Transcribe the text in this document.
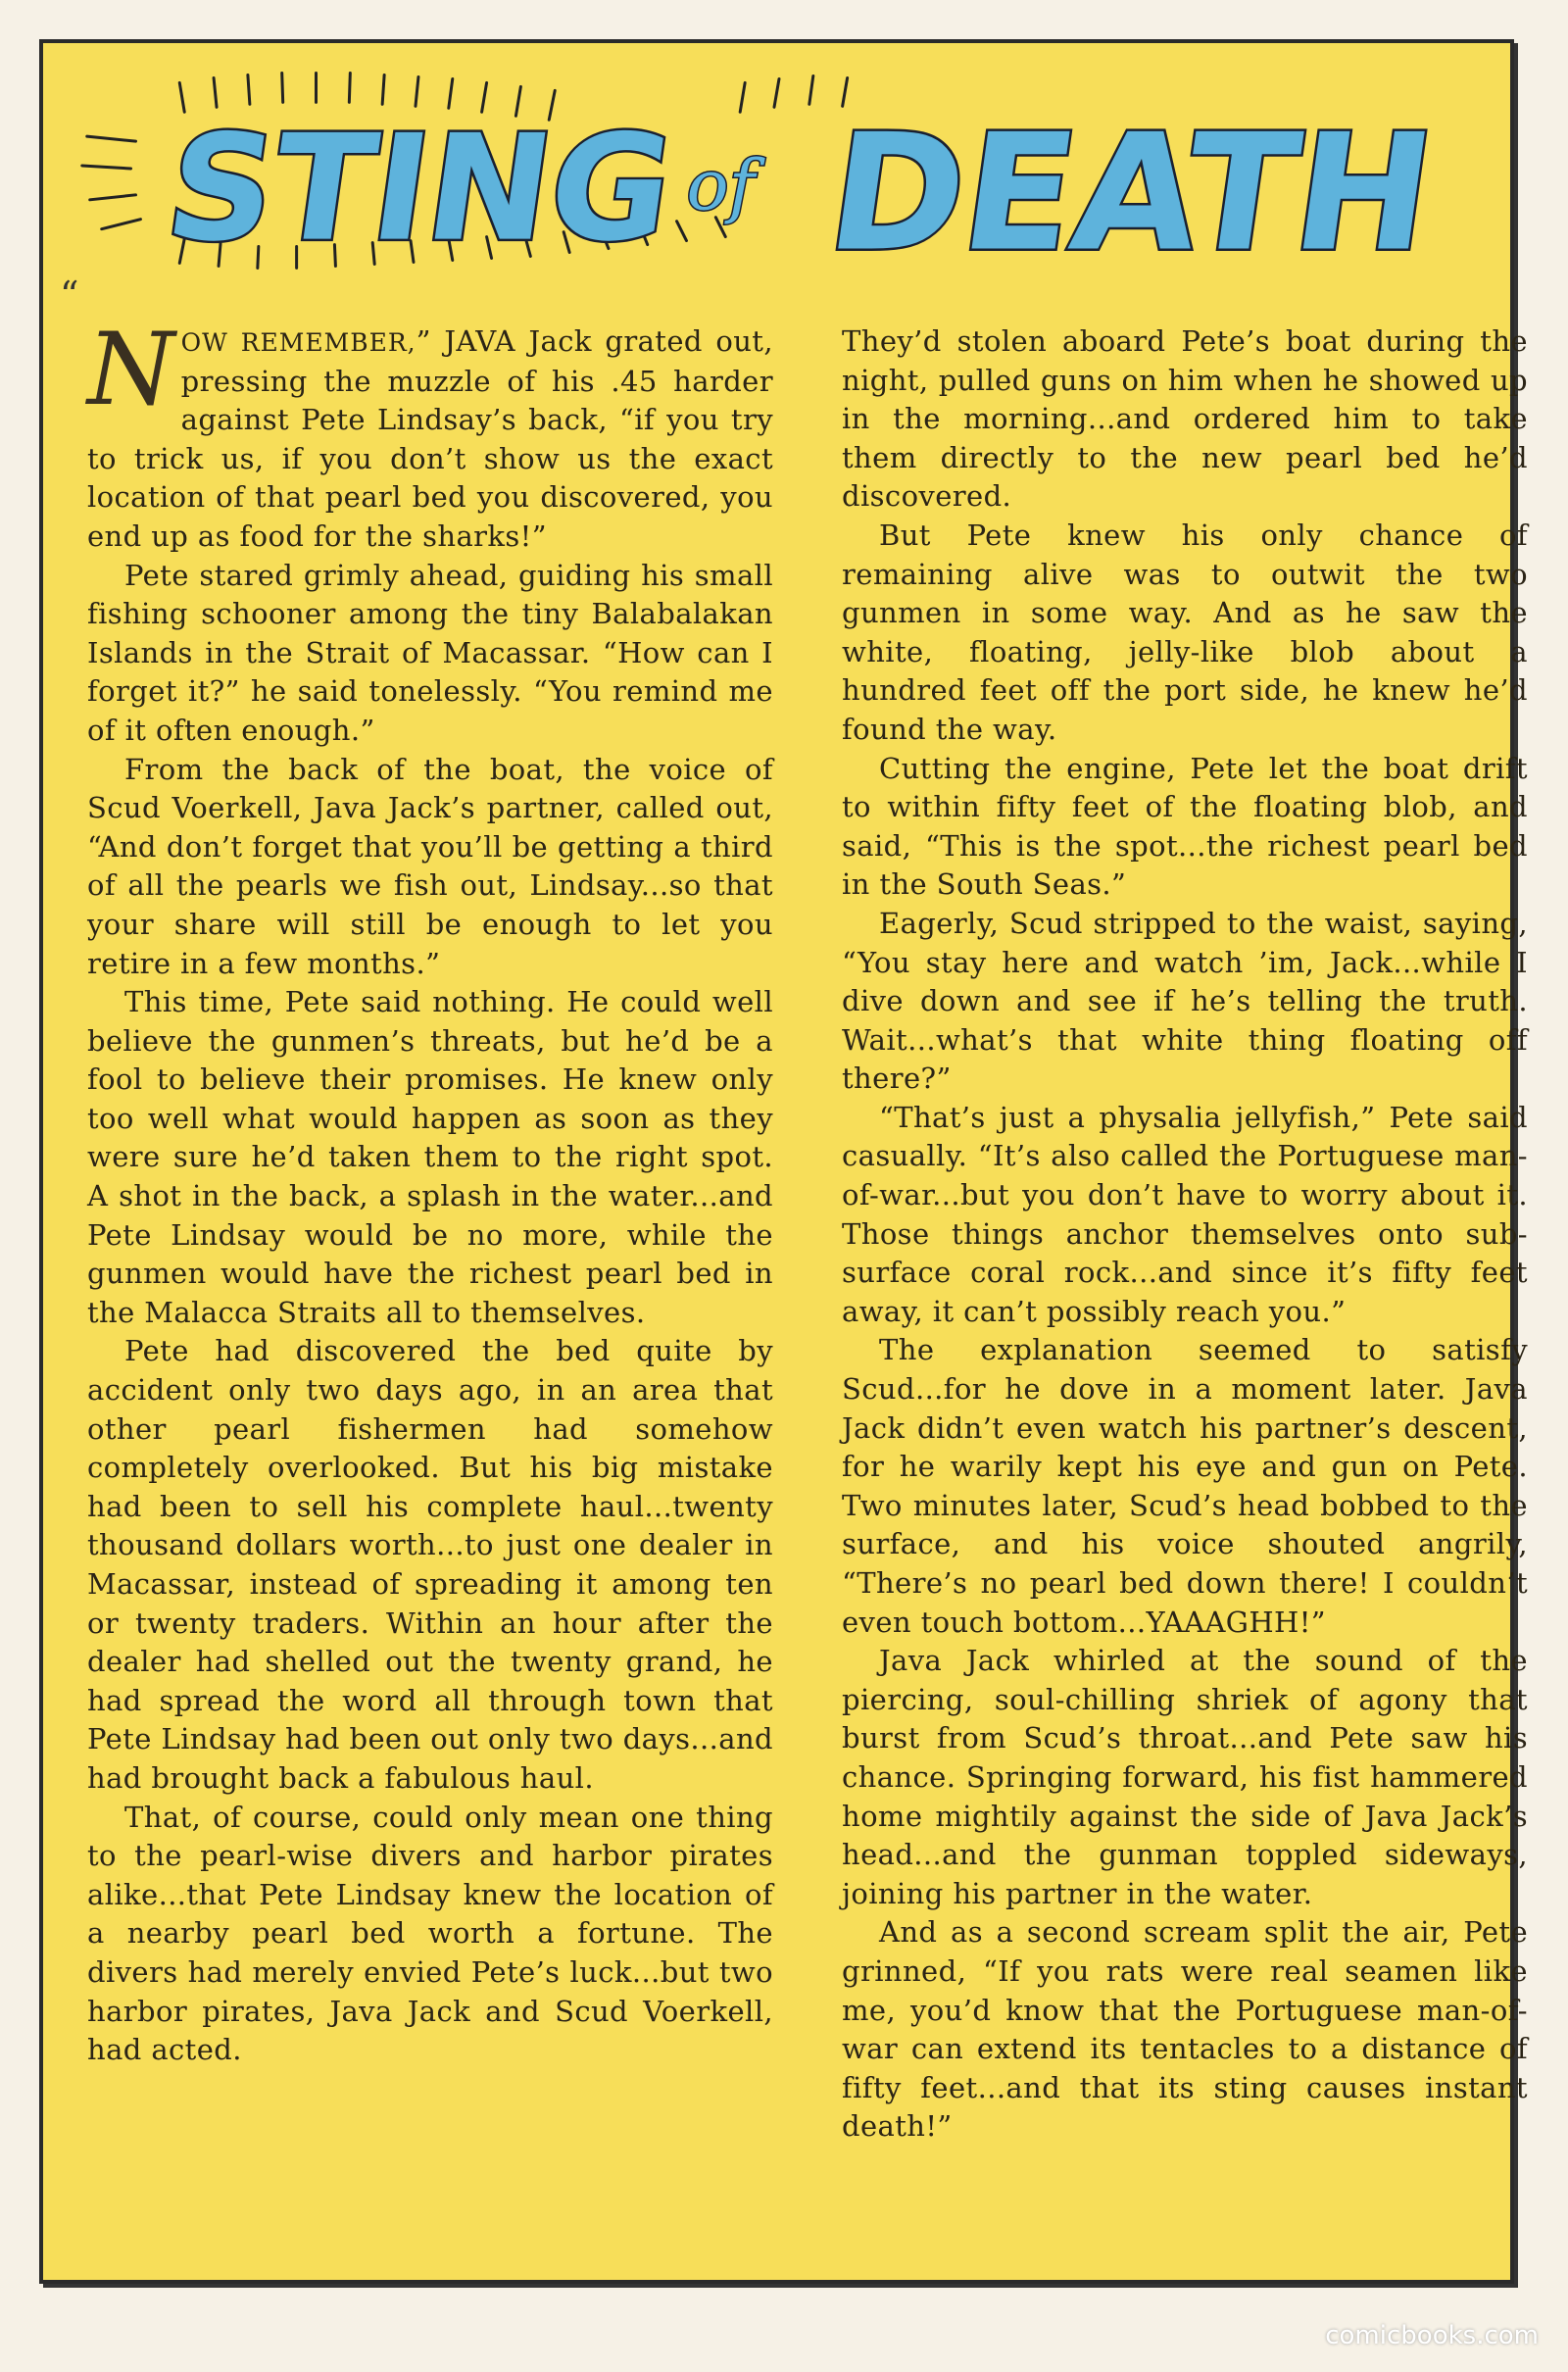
STING of DEATH
“

NOW REMEMBER,” JAVA Jack grated out, pressing the muzzle of his .45 harder against Pete Lindsay’s back, “if you try to trick us, if you don’t show us the exact location of that pearl bed you discovered, you end up as food for the sharks!”

Pete stared grimly ahead, guiding his small fishing schooner among the tiny Balabalakan Islands in the Strait of Macassar. “How can I forget it?” he said tonelessly. “You remind me of it often enough.”

From the back of the boat, the voice of Scud Voerkell, Java Jack’s partner, called out, “And don’t forget that you’ll be getting a third of all the pearls we fish out, Lindsay...so that your share will still be enough to let you retire in a few months.”

This time, Pete said nothing. He could well believe the gunmen’s threats, but he’d be a fool to believe their promises. He knew only too well what would happen as soon as they were sure he’d taken them to the right spot. A shot in the back, a splash in the water...and Pete Lindsay would be no more, while the gunmen would have the richest pearl bed in the Malacca Straits all to themselves.

Pete had discovered the bed quite by accident only two days ago, in an area that other pearl fishermen had somehow completely overlooked. But his big mistake had been to sell his complete haul...twenty thousand dollars worth...to just one dealer in Macassar, instead of spreading it among ten or twenty traders. Within an hour after the dealer had shelled out the twenty grand, he had spread the word all through town that Pete Lindsay had been out only two days...and had brought back a fabulous haul.

That, of course, could only mean one thing to the pearl-wise divers and harbor pirates alike...that Pete Lindsay knew the location of a nearby pearl bed worth a fortune. The divers had merely envied Pete’s luck...but two harbor pirates, Java Jack and Scud Voerkell, had acted.

They’d stolen aboard Pete’s boat during the night, pulled guns on him when he showed up in the morning...and ordered him to take them directly to the new pearl bed he’d discovered.

But Pete knew his only chance of remaining alive was to outwit the two gunmen in some way. And as he saw the white, floating, jelly-like blob about a hundred feet off the port side, he knew he’d found the way.

Cutting the engine, Pete let the boat drift to within fifty feet of the floating blob, and said, “This is the spot...the richest pearl bed in the South Seas.”

Eagerly, Scud stripped to the waist, saying, “You stay here and watch ’im, Jack...while I dive down and see if he’s telling the truth. Wait...what’s that white thing floating off there?”

“That’s just a physalia jellyfish,” Pete said casually. “It’s also called the Portuguese man-of-war...but you don’t have to worry about it. Those things anchor themselves onto sub-surface coral rock...and since it’s fifty feet away, it can’t possibly reach you.”

The explanation seemed to satisfy Scud...for he dove in a moment later. Java Jack didn’t even watch his partner’s descent, for he warily kept his eye and gun on Pete. Two minutes later, Scud’s head bobbed to the surface, and his voice shouted angrily, “There’s no pearl bed down there! I couldn’t even touch bottom...YAAAGHH!”

Java Jack whirled at the sound of the piercing, soul-chilling shriek of agony that burst from Scud’s throat...and Pete saw his chance. Springing forward, his fist hammered home mightily against the side of Java Jack’s head...and the gunman toppled sideways, joining his partner in the water.

And as a second scream split the air, Pete grinned, “If you rats were real seamen like me, you’d know that the Portuguese man-of-war can extend its tentacles to a distance of fifty feet...and that its sting causes instant death!”

comicbooks.com
